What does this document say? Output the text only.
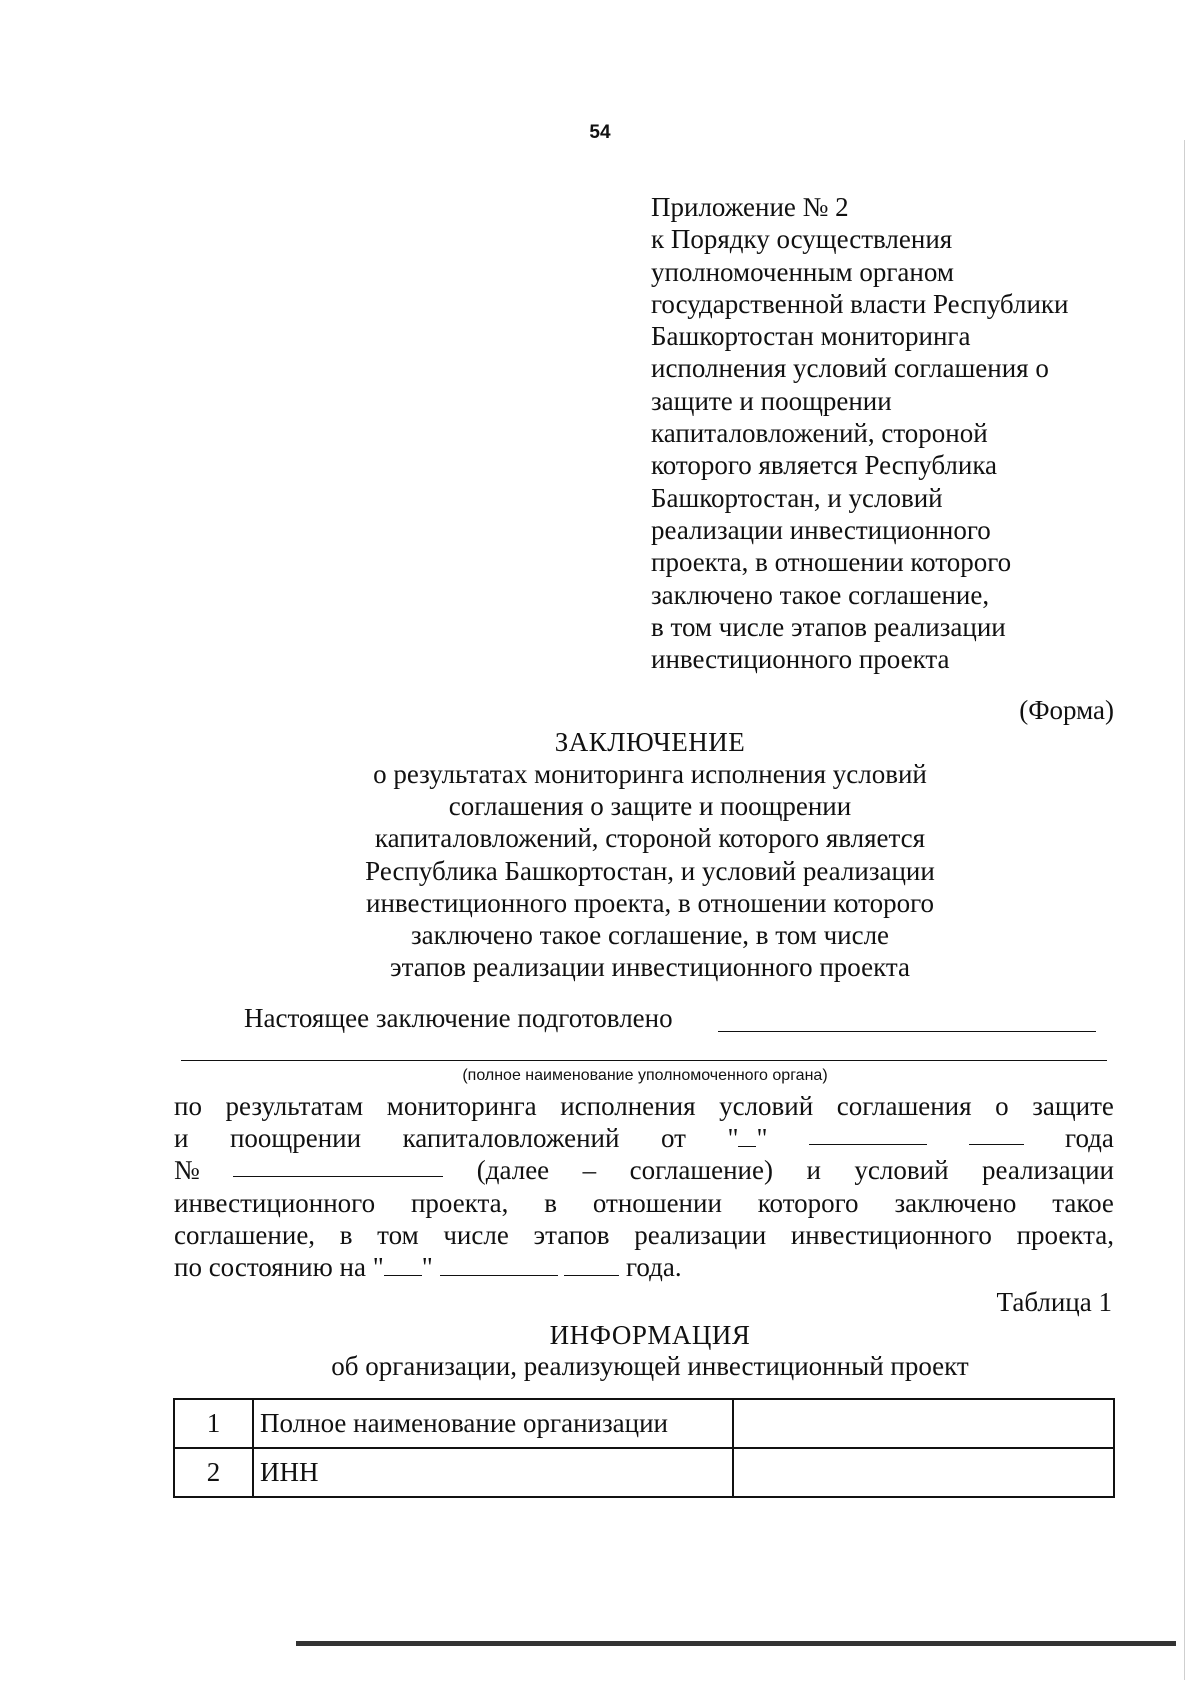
54
Приложение № 2
к Порядку осуществления
уполномоченным органом
государственной власти Республики
Башкортостан мониторинга
исполнения условий соглашения о
защите и поощрении
капиталовложений, стороной
которого является Республика
Башкортостан, и условий
реализации инвестиционного
проекта, в отношении которого
заключено такое соглашение,
в том числе этапов реализации
инвестиционного проекта
(Форма)
ЗАКЛЮЧЕНИЕ
о результатах мониторинга исполнения условий
соглашения о защите и поощрении
капиталовложений, стороной которого является
Республика Башкортостан, и условий реализации
инвестиционного проекта, в отношении которого
заключено такое соглашение, в том числе
этапов реализации инвестиционного проекта
Настоящее заключение подготовлено
(полное наименование уполномоченного органа)
по результатам мониторинга исполнения условий соглашения о защите
и поощрении капиталовложений от " "	года
№	(далее – соглашение) и условий реализации
инвестиционного проекта, в отношении которого заключено такое
соглашение, в том числе этапов реализации инвестиционного проекта,
по состоянию на " "	года.
Таблица 1
ИНФОРМАЦИЯ
об организации, реализующей инвестиционный проект
1	Полное наименование организации	
2	ИНН	
